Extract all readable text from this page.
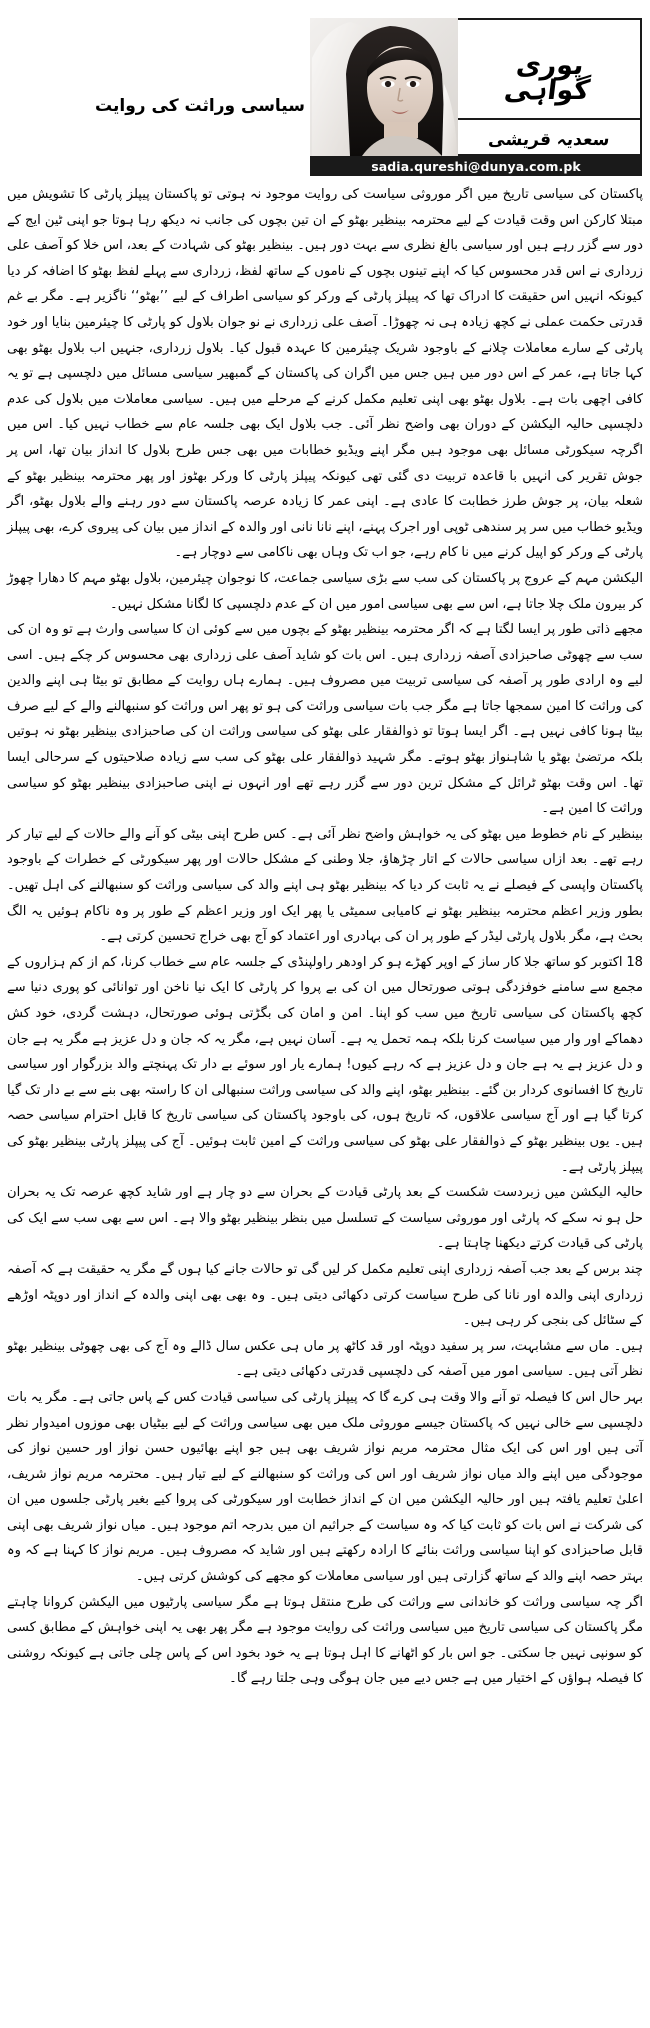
سیاسی وراثت کی روایت
پوری
گواہی
سعدیہ قریشی
sadia.qureshi@dunya.com.pk

پاکستان کی سیاسی تاریخ میں اگر موروثی سیاست کی روایت موجود نہ ہوتی تو پاکستان پیپلز پارٹی کا تشویش میں مبتلا کارکن اس وقت قیادت کے لیے محترمہ بینظیر بھٹو کے ان تین بچوں کی جانب نہ دیکھ رہا ہوتا جو اپنی ٹین ایج کے دور سے گزر رہے ہیں اور سیاسی بالغ نظری سے بہت دور ہیں۔ بینظیر بھٹو کی شہادت کے بعد، اس خلا کو آصف علی زرداری نے اس قدر محسوس کیا کہ اپنے تینوں بچوں کے ناموں کے ساتھ لفظ، زرداری سے پہلے لفظ بھٹو کا اضافہ کر دیا کیونکہ انہیں اس حقیقت کا ادراک تھا کہ پیپلز پارٹی کے ورکر کو سیاسی اطراف کے لیے ’’بھٹو‘‘ ناگزیر ہے۔ مگر بے غم قدرتی حکمت عملی نے کچھ زیادہ ہی نہ چھوڑا۔ آصف علی زرداری نے نو جوان بلاول کو پارٹی کا چیئرمین بنایا اور خود پارٹی کے سارے معاملات چلانے کے باوجود شریک چیئرمین کا عہدہ قبول کیا۔ بلاول زرداری، جنہیں اب بلاول بھٹو بھی کہا جاتا ہے، عمر کے اس دور میں ہیں جس میں اگران کی پاکستان کے گمبھیر سیاسی مسائل میں دلچسپی ہے تو یہ کافی اچھی بات ہے۔ بلاول بھٹو بھی اپنی تعلیم مکمل کرنے کے مرحلے میں ہیں۔ سیاسی معاملات میں بلاول کی عدم دلچسپی حالیہ الیکشن کے دوران بھی واضح نظر آئی۔ جب بلاول ایک بھی جلسہ عام سے خطاب نہیں کیا۔ اس میں اگرچہ سیکورٹی مسائل بھی موجود ہیں مگر اپنے ویڈیو خطابات میں بھی جس طرح بلاول کا انداز بیان تھا، اس پر جوش تقریر کی انہیں با قاعدہ تربیت دی گئی تھی کیونکہ پیپلز پارٹی کا ورکر بھٹوز اور پھر محترمہ بینظیر بھٹو کے شعلہ بیان، پر جوش طرز خطابت کا عادی ہے۔ اپنی عمر کا زیادہ عرصہ پاکستان سے دور رہنے والے بلاول بھٹو، اگر ویڈیو خطاب میں سر پر سندھی ٹوپی اور اجرک پہنے، اپنے نانا نانی اور والدہ کے انداز میں بیان کی پیروی کرے، بھی پیپلز پارٹی کے ورکر کو اپیل کرنے میں نا کام رہے، جو اب تک وہاں بھی ناکامی سے دوچار ہے۔

الیکشن مہم کے عروج پر پاکستان کی سب سے بڑی سیاسی جماعت، کا نوجوان چیئرمین، بلاول بھٹو مہم کا دھارا چھوڑ کر بیرون ملک چلا جاتا ہے، اس سے بھی سیاسی امور میں ان کے عدم دلچسپی کا لگانا مشکل نہیں۔

مجھے ذاتی طور پر ایسا لگتا ہے کہ اگر محترمہ بینظیر بھٹو کے بچوں میں سے کوئی ان کا سیاسی وارث ہے تو وہ ان کی سب سے چھوٹی صاحبزادی آصفہ زرداری ہیں۔ اس بات کو شاید آصف علی زرداری بھی محسوس کر چکے ہیں۔ اسی لیے وہ ارادی طور پر آصفہ کی سیاسی تربیت میں مصروف ہیں۔ ہمارے ہاں روایت کے مطابق تو بیٹا ہی اپنے والدین کی وراثت کا امین سمجھا جاتا ہے مگر جب بات سیاسی وراثت کی ہو تو پھر اس وراثت کو سنبھالنے والے کے لیے صرف بیٹا ہونا کافی نہیں ہے۔ اگر ایسا ہوتا تو ذوالفقار علی بھٹو کی سیاسی وراثت ان کی صاحبزادی بینظیر بھٹو نہ ہوتیں بلکہ مرتضیٰ بھٹو یا شاہنواز بھٹو ہوتے۔ مگر شہید ذوالفقار علی بھٹو کی سب سے زیادہ صلاحیتوں کے سرحالی ایسا تھا۔ اس وقت بھٹو ٹرائل کے مشکل ترین دور سے گزر رہے تھے اور انہوں نے اپنی صاحبزادی بینظیر بھٹو کو سیاسی وراثت کا امین ہے۔

بینظیر کے نام خطوط میں بھٹو کی یہ خواہش واضح نظر آئی ہے۔ کس طرح اپنی بیٹی کو آنے والے حالات کے لیے تیار کر رہے تھے۔ بعد ازاں سیاسی حالات کے اتار چڑھاؤ، جلا وطنی کے مشکل حالات اور پھر سیکورٹی کے خطرات کے باوجود پاکستان واپسی کے فیصلے نے یہ ثابت کر دیا کہ بینظیر بھٹو ہی اپنے والد کی سیاسی وراثت کو سنبھالنے کی اہل تھیں۔ بطور وزیر اعظم محترمہ بینظیر بھٹو نے کامیابی سمیٹی یا پھر ایک اور وزیر اعظم کے طور پر وہ ناکام ہوئیں یہ الگ بحث ہے، مگر بلاول پارٹی لیڈر کے طور پر ان کی بہادری اور اعتماد کو آج بھی خراج تحسین کرتی ہے۔

18 اکتوبر کو ساتھ جلا کار ساز کے اوپر کھڑے ہو کر اودھر راولپنڈی کے جلسہ عام سے خطاب کرنا، کم از کم ہزاروں کے مجمع سے سامنے خوفزدگی ہوتی صورتحال میں ان کی بے پروا کر پارٹی کا ایک نیا ناخن اور توانائی کو پوری دنیا سے کچھ پاکستان کی سیاسی تاریخ میں سب کو اپنا۔ امن و امان کی بگڑتی ہوئی صورتحال، دہشت گردی، خود کش دھماکے اور وار میں سیاست کرنا بلکہ ہمہ تحمل یہ ہے۔ آسان نہیں ہے، مگر یہ کہ جان و دل عزیز ہے مگر یہ ہے جان و دل عزیز ہے یہ ہے جان و دل عزیز ہے کہ رہے کیوں! ہمارے یار اور سوئے بے دار تک پہنچتے والد بزرگوار اور سیاسی تاریخ کا افسانوی کردار بن گئے۔ بینظیر بھٹو، اپنے والد کی سیاسی وراثت سنبھالی ان کا راستہ بھی بنے سے بے دار تک گیا کرتا گیا ہے اور آج سیاسی علاقوں، کہ تاریخ ہوں، کی باوجود پاکستان کی سیاسی تاریخ کا قابل احترام سیاسی حصہ ہیں۔ یوں بینظیر بھٹو کے ذوالفقار علی بھٹو کی سیاسی وراثت کے امین ثابت ہوئیں۔ آج کی پیپلز پارٹی بینظیر بھٹو کی پیپلز پارٹی ہے۔

حالیہ الیکشن میں زبردست شکست کے بعد پارٹی قیادت کے بحران سے دو چار ہے اور شاید کچھ عرصہ تک یہ بحران حل ہو نہ سکے کہ پارٹی اور موروثی سیاست کے تسلسل میں بنظر بینظیر بھٹو والا ہے۔ اس سے بھی سب سے ایک کی پارٹی کی قیادت کرتے دیکھنا چاہتا ہے۔

چند برس کے بعد جب آصفہ زرداری اپنی تعلیم مکمل کر لیں گی تو حالات جانے کیا ہوں گے مگر یہ حقیقت ہے کہ آصفہ زرداری اپنی والدہ اور نانا کی طرح سیاست کرتی دکھائی دیتی ہیں۔ وہ بھی بھی اپنی والدہ کے انداز اور دوپٹہ اوڑھے کے سٹائل کی بنجی کر رہی ہیں۔

ہیں۔ ماں سے مشابہت، سر پر سفید دوپٹہ اور قد کاٹھ پر ماں ہی عکس سال ڈالے وہ آج کی بھی چھوٹی بینظیر بھٹو نظر آتی ہیں۔ سیاسی امور میں آصفہ کی دلچسپی قدرتی دکھائی دیتی ہے۔

بہر حال اس کا فیصلہ تو آنے والا وقت ہی کرے گا کہ پیپلز پارٹی کی سیاسی قیادت کس کے پاس جاتی ہے۔ مگر یہ بات دلچسپی سے خالی نہیں کہ پاکستان جیسے موروثی ملک میں بھی سیاسی وراثت کے لیے بیٹیاں بھی موزوں امیدوار نظر آتی ہیں اور اس کی ایک مثال محترمہ مریم نواز شریف بھی ہیں جو اپنے بھائیوں حسن نواز اور حسین نواز کی موجودگی میں اپنے والد میاں نواز شریف اور اس کی وراثت کو سنبھالنے کے لیے تیار ہیں۔ محترمہ مریم نواز شریف، اعلیٰ تعلیم یافتہ ہیں اور حالیہ الیکشن میں ان کے انداز خطابت اور سیکورٹی کی پروا کیے بغیر پارٹی جلسوں میں ان کی شرکت نے اس بات کو ثابت کیا کہ وہ سیاست کے جراثیم ان میں بدرجہ اتم موجود ہیں۔ میاں نواز شریف بھی اپنی قابل صاحبزادی کو اپنا سیاسی وراثت بنائے کا ارادہ رکھتے ہیں اور شاید کہ مصروف ہیں۔ مریم نواز کا کہنا ہے کہ وہ بہتر حصہ اپنے والد کے ساتھ گزارتی ہیں اور سیاسی معاملات کو مجھے کی کوشش کرتی ہیں۔

اگر چہ سیاسی وراثت کو خاندانی سے وراثت کی طرح منتقل ہوتا ہے مگر سیاسی پارٹیوں میں الیکشن کروانا چاہتے مگر پاکستان کی سیاسی تاریخ میں سیاسی وراثت کی روایت موجود ہے مگر پھر بھی یہ اپنی خواہش کے مطابق کسی کو سونپی نہیں جا سکتی۔ جو اس بار کو اٹھانے کا اہل ہوتا ہے یہ خود بخود اس کے پاس چلی جاتی ہے کیونکہ روشنی کا فیصلہ ہواؤں کے اختیار میں ہے جس دیے میں جان ہوگی وہی جلتا رہے گا۔
